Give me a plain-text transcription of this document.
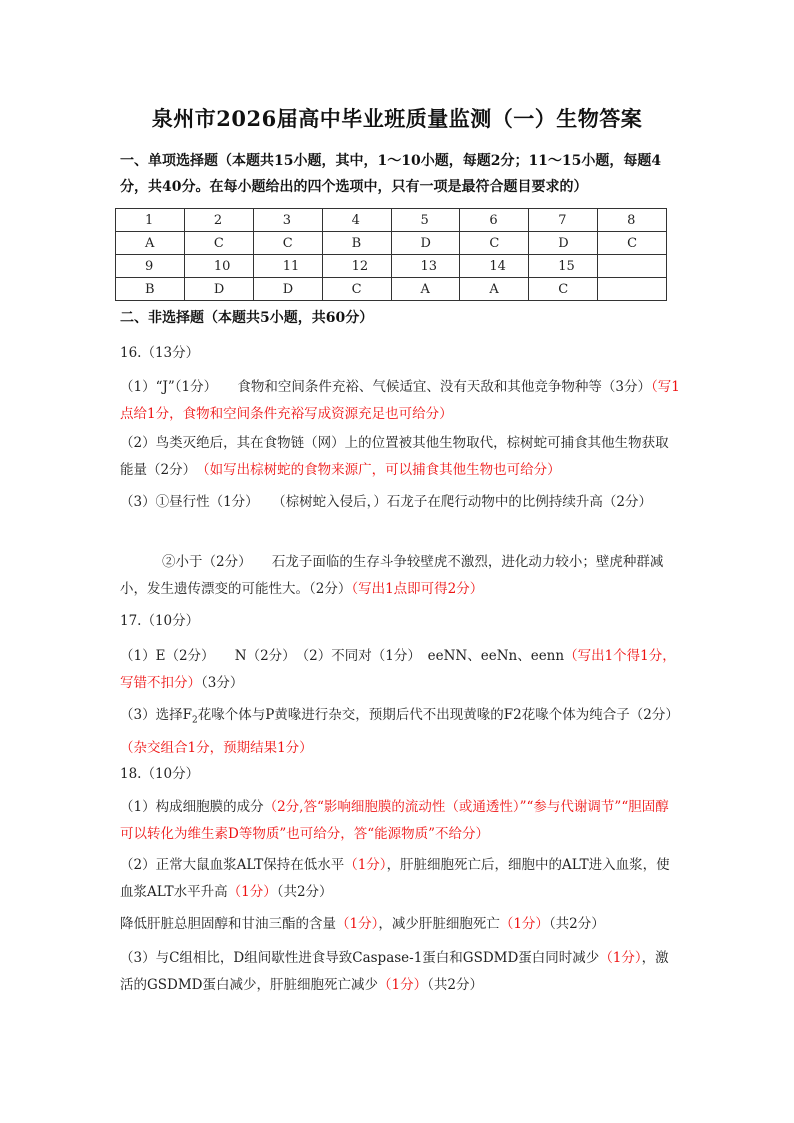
泉州市2026届高中毕业班质量监测（一）生物答案
一、单项选择题（本题共15小题，其中，1～10小题，每题2分；11～15小题，每题4分，共40分。在每小题给出的四个选项中，只有一项是最符合题目要求的）
1	2	3	4	5	6	7	8
A	C	C	B	D	C	D	C
9	10	11	12	13	14	15	
B	D	D	C	A	A	C	
二、非选择题（本题共5小题，共60分）
16.（13分）
（1）“J”（1分）　　食物和空间条件充裕、气候适宜、没有天敌和其他竞争物种等（3分）（写1点给1分，食物和空间条件充裕写成资源充足也可给分）
（2）鸟类灭绝后，其在食物链（网）上的位置被其他生物取代，棕树蛇可捕食其他生物获取能量（2分）　（如写出棕树蛇的食物来源广，可以捕食其他生物也可给分）
（3）①昼行性（1分）　　（棕树蛇入侵后，）石龙子在爬行动物中的比例持续升高（2分）
②小于（2分）　　石龙子面临的生存斗争较壁虎不激烈，进化动力较小；壁虎种群减小，发生遗传漂变的可能性大。（2分）（写出1点即可得2分）
17.（10分）
（1）E（2分）　　N（2分）　（2）不同对（1分）　eeNN、eeNn、eenn（写出1个得1分，写错不扣分）（3分）
（3）选择$F_2$花喙个体与P黄喙进行杂交，预期后代不出现黄喙的F2花喙个体为纯合子（2分）（杂交组合1分，预期结果1分）
18.（10分）
（1）构成细胞膜的成分（2分,答“影响细胞膜的流动性（或通透性）”“参与代谢调节”“胆固醇可以转化为维生素D等物质”也可给分，答“能源物质”不给分）
（2）正常大鼠血浆ALT保持在低水平（1分），肝脏细胞死亡后，细胞中的ALT进入血浆，使血浆ALT水平升高（1分）（共2分）
降低肝脏总胆固醇和甘油三酯的含量（1分），减少肝脏细胞死亡（1分）（共2分）
（3）与C组相比，D组间歇性进食导致Caspase-1蛋白和GSDMD蛋白同时减少（1分），激活的GSDMD蛋白减少，肝脏细胞死亡减少（1分）（共2分）
